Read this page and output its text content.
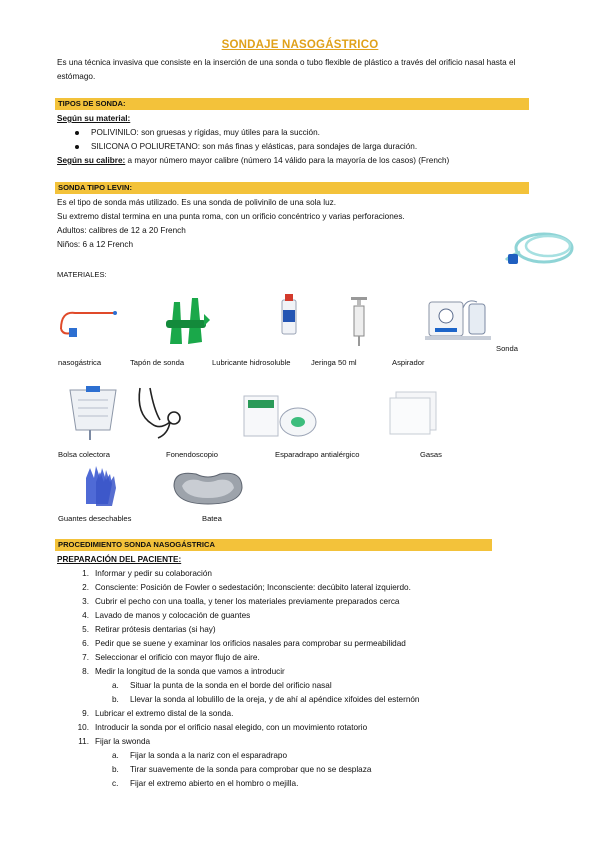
SONDAJE NASOGÁSTRICO
Es una técnica invasiva que consiste en la inserción de una sonda o tubo flexible de plástico a través del orificio nasal hasta el estómago.
TIPOS DE SONDA:
Según su material:
POLIVINILO: son gruesas y rígidas, muy útiles para la succión.
SILICONA O POLIURETANO: son más finas y elásticas, para sondajes de larga duración.
Según su calibre: a mayor número mayor calibre (número 14 válido para la mayoría de los casos) (French)
SONDA TIPO LEVIN:
Es el tipo de sonda más utilizado. Es una sonda de polivinilo de una sola luz.
Su extremo distal termina en una punta roma, con un orificio concéntrico y varias perforaciones.
Adultos: calibres de 12 a 20 French
Niños: 6 a 12 French
MATERIALES:
nasogástrica	Tapón de sonda	Lubricante hidrosoluble	Jeringa 50 ml	Aspirador
Sonda
Bolsa colectora	Fonendoscopio	Esparadrapo antialérgico	Gasas
Guantes desechables	Batea
PROCEDIMIENTO SONDA NASOGÁSTRICA
PREPARACIÓN DEL PACIENTE:
1. Informar y pedir su colaboración
2. Consciente: Posición de Fowler o sedestación; Inconsciente: decúbito lateral izquierdo.
3. Cubrir el pecho con una toalla, y tener los materiales previamente preparados cerca
4. Lavado de manos y colocación de guantes
5. Retirar prótesis dentarias (si hay)
6. Pedir que se suene y examinar los orificios nasales para comprobar su permeabilidad
7. Seleccionar el orificio con mayor flujo de aire.
8. Medir la longitud de la sonda que vamos a introducir
a. Situar la punta de la sonda en el borde del orificio nasal
b. Llevar la sonda al lobulillo de la oreja, y de ahí al apéndice xifoides del esternón
9. Lubricar el extremo distal de la sonda.
10. Introducir la sonda por el orificio nasal elegido, con un movimiento rotatorio
11. Fijar la swonda
a. Fijar la sonda a la nariz con el esparadrapo
b. Tirar suavemente de la sonda para comprobar que no se desplaza
c. Fijar el extremo abierto en el hombro o mejilla.
